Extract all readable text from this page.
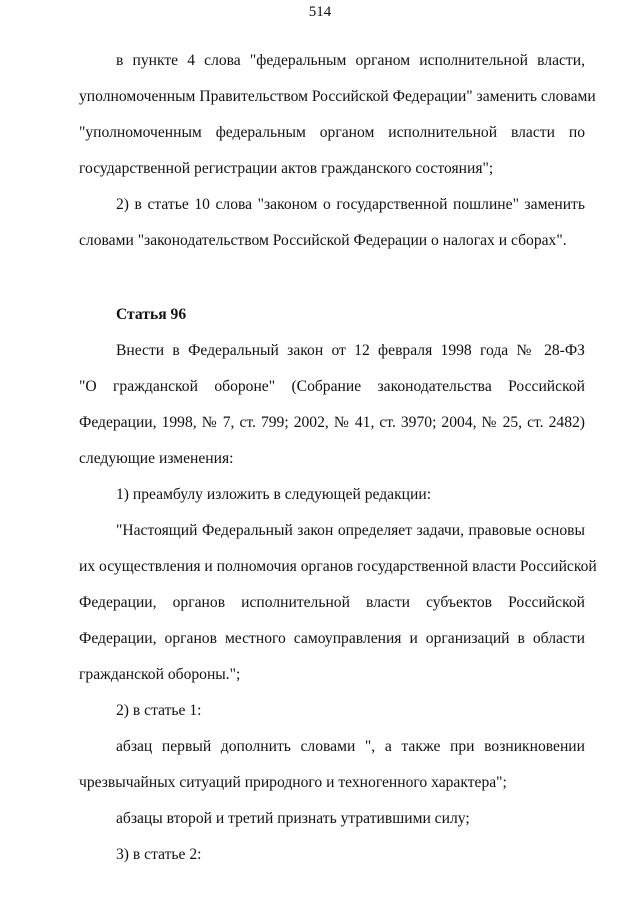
514
в пункте 4 слова "федеральным органом исполнительной власти,
уполномоченным Правительством Российской Федерации" заменить словами
"уполномоченным федеральным органом исполнительной власти по
государственной регистрации актов гражданского состояния";
2) в статье 10 слова "законом о государственной пошлине" заменить
словами "законодательством Российской Федерации о налогах и сборах".
Статья 96
Внести в Федеральный закон от 12 февраля 1998 года № 28-ФЗ
"О гражданской обороне" (Собрание законодательства Российской
Федерации, 1998, № 7, ст. 799; 2002, № 41, ст. 3970; 2004, № 25, ст. 2482)
следующие изменения:
1) преамбулу изложить в следующей редакции:
"Настоящий Федеральный закон определяет задачи, правовые основы
их осуществления и полномочия органов государственной власти Российской
Федерации, органов исполнительной власти субъектов Российской
Федерации, органов местного самоуправления и организаций в области
гражданской обороны.";
2) в статье 1:
абзац первый дополнить словами ", а также при возникновении
чрезвычайных ситуаций природного и техногенного характера";
абзацы второй и третий признать утратившими силу;
3) в статье 2:
